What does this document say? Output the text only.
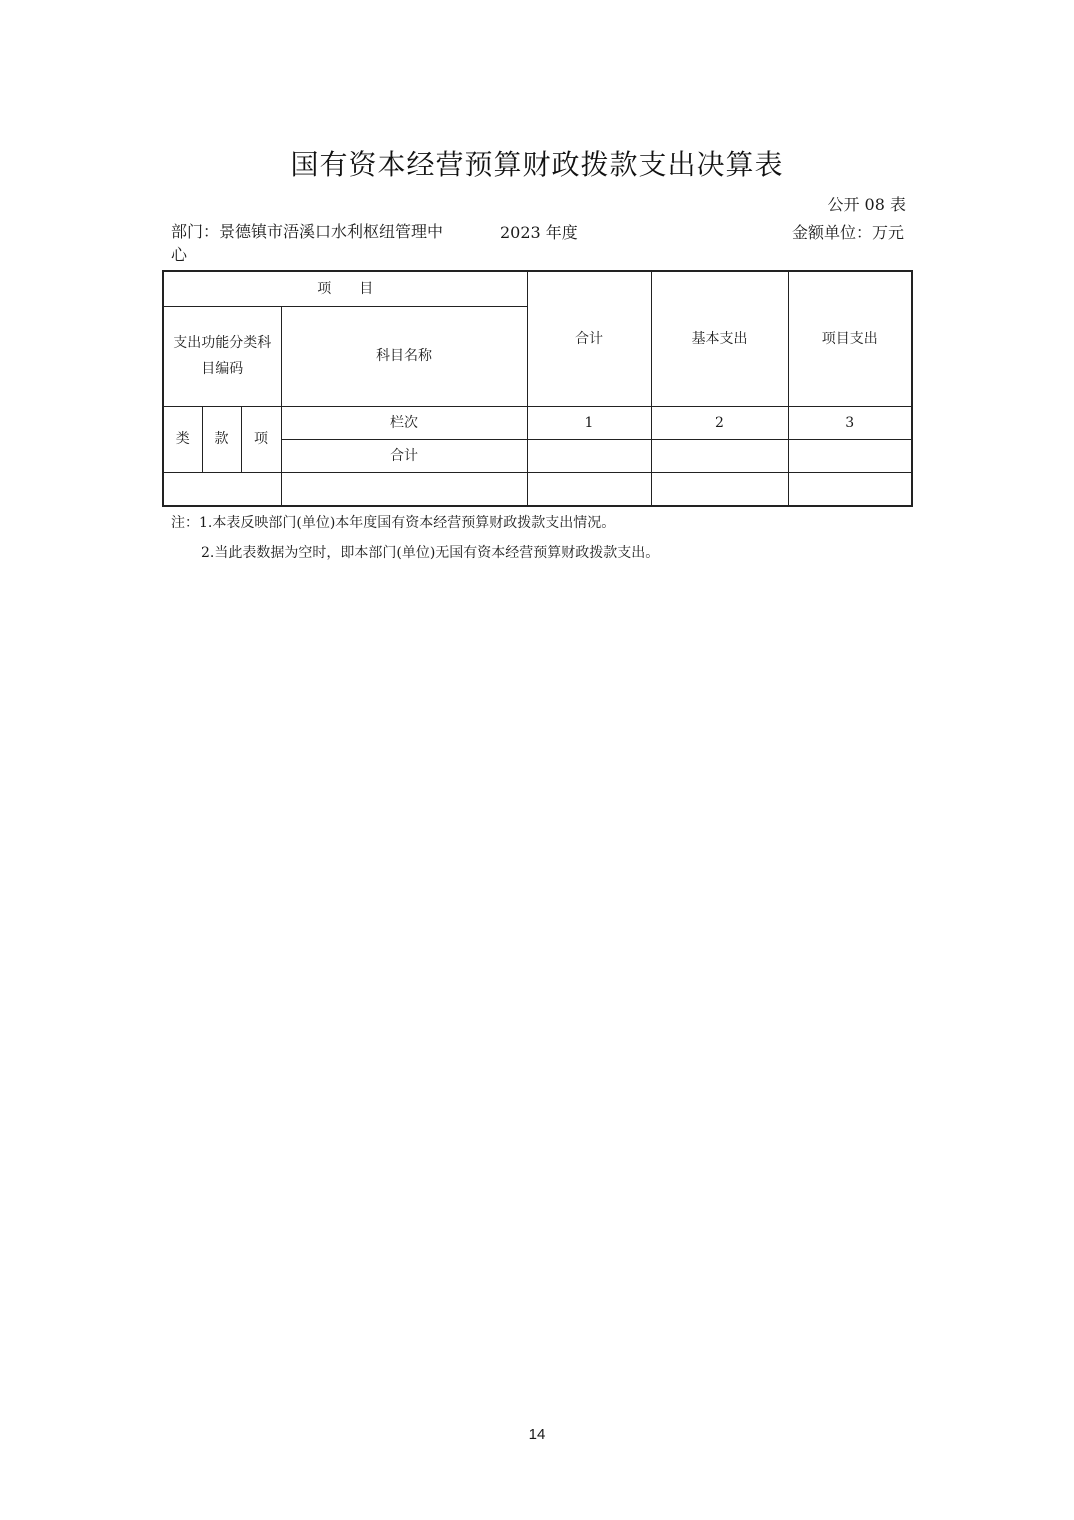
国有资本经营预算财政拨款支出决算表
公开 08 表
部门：景德镇市浯溪口水利枢纽管理中心
2023 年度	金额单位：万元
项　　目				合计	基本支出	项目支出
支出功能分类科目编码			科目名称			
类	款	项	栏次	1	2	3
			合计			

注：1.本表反映部门(单位)本年度国有资本经营预算财政拨款支出情况。
2.当此表数据为空时，即本部门(单位)无国有资本经营预算财政拨款支出。
14
